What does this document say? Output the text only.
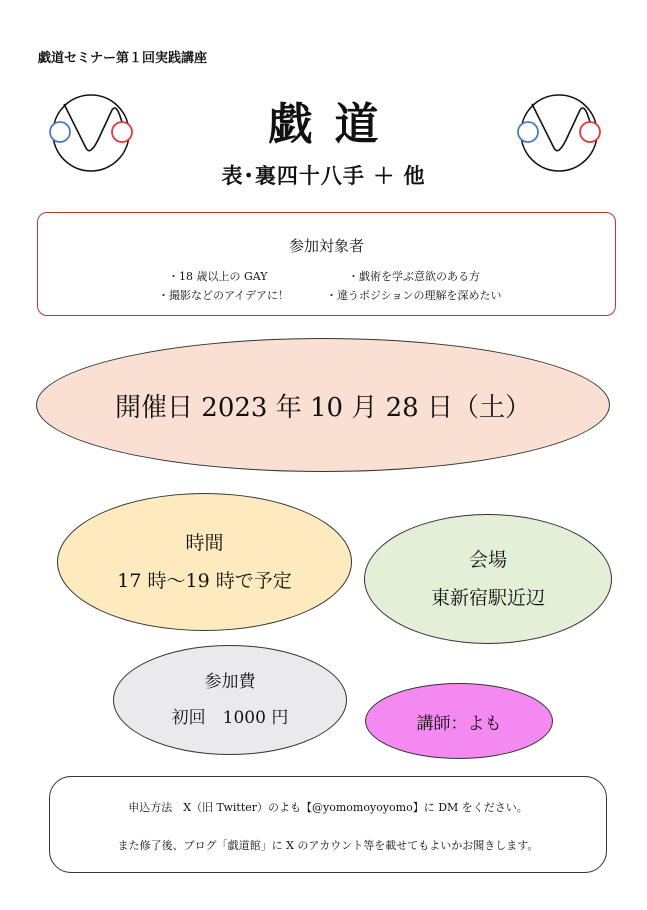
戯道セミナー第１回実践講座
戯道
表･裏四十八手 ＋ 他
参加対象者
・18 歳以上の GAY	・戯術を学ぶ意欲のある方
・撮影などのアイデアに！	・違うポジションの理解を深めたい
開催日 2023 年 10 月 28 日（土）
時間
17 時～19 時で予定
会場
東新宿駅近辺
参加費
初回　1000 円	講師：よも
申込方法　X（旧 Twitter）のよも【@yomomoyoyomo】に DM をください。
また修了後、ブログ「戯道館」に X のアカウント等を載せてもよいかお聞きします。
